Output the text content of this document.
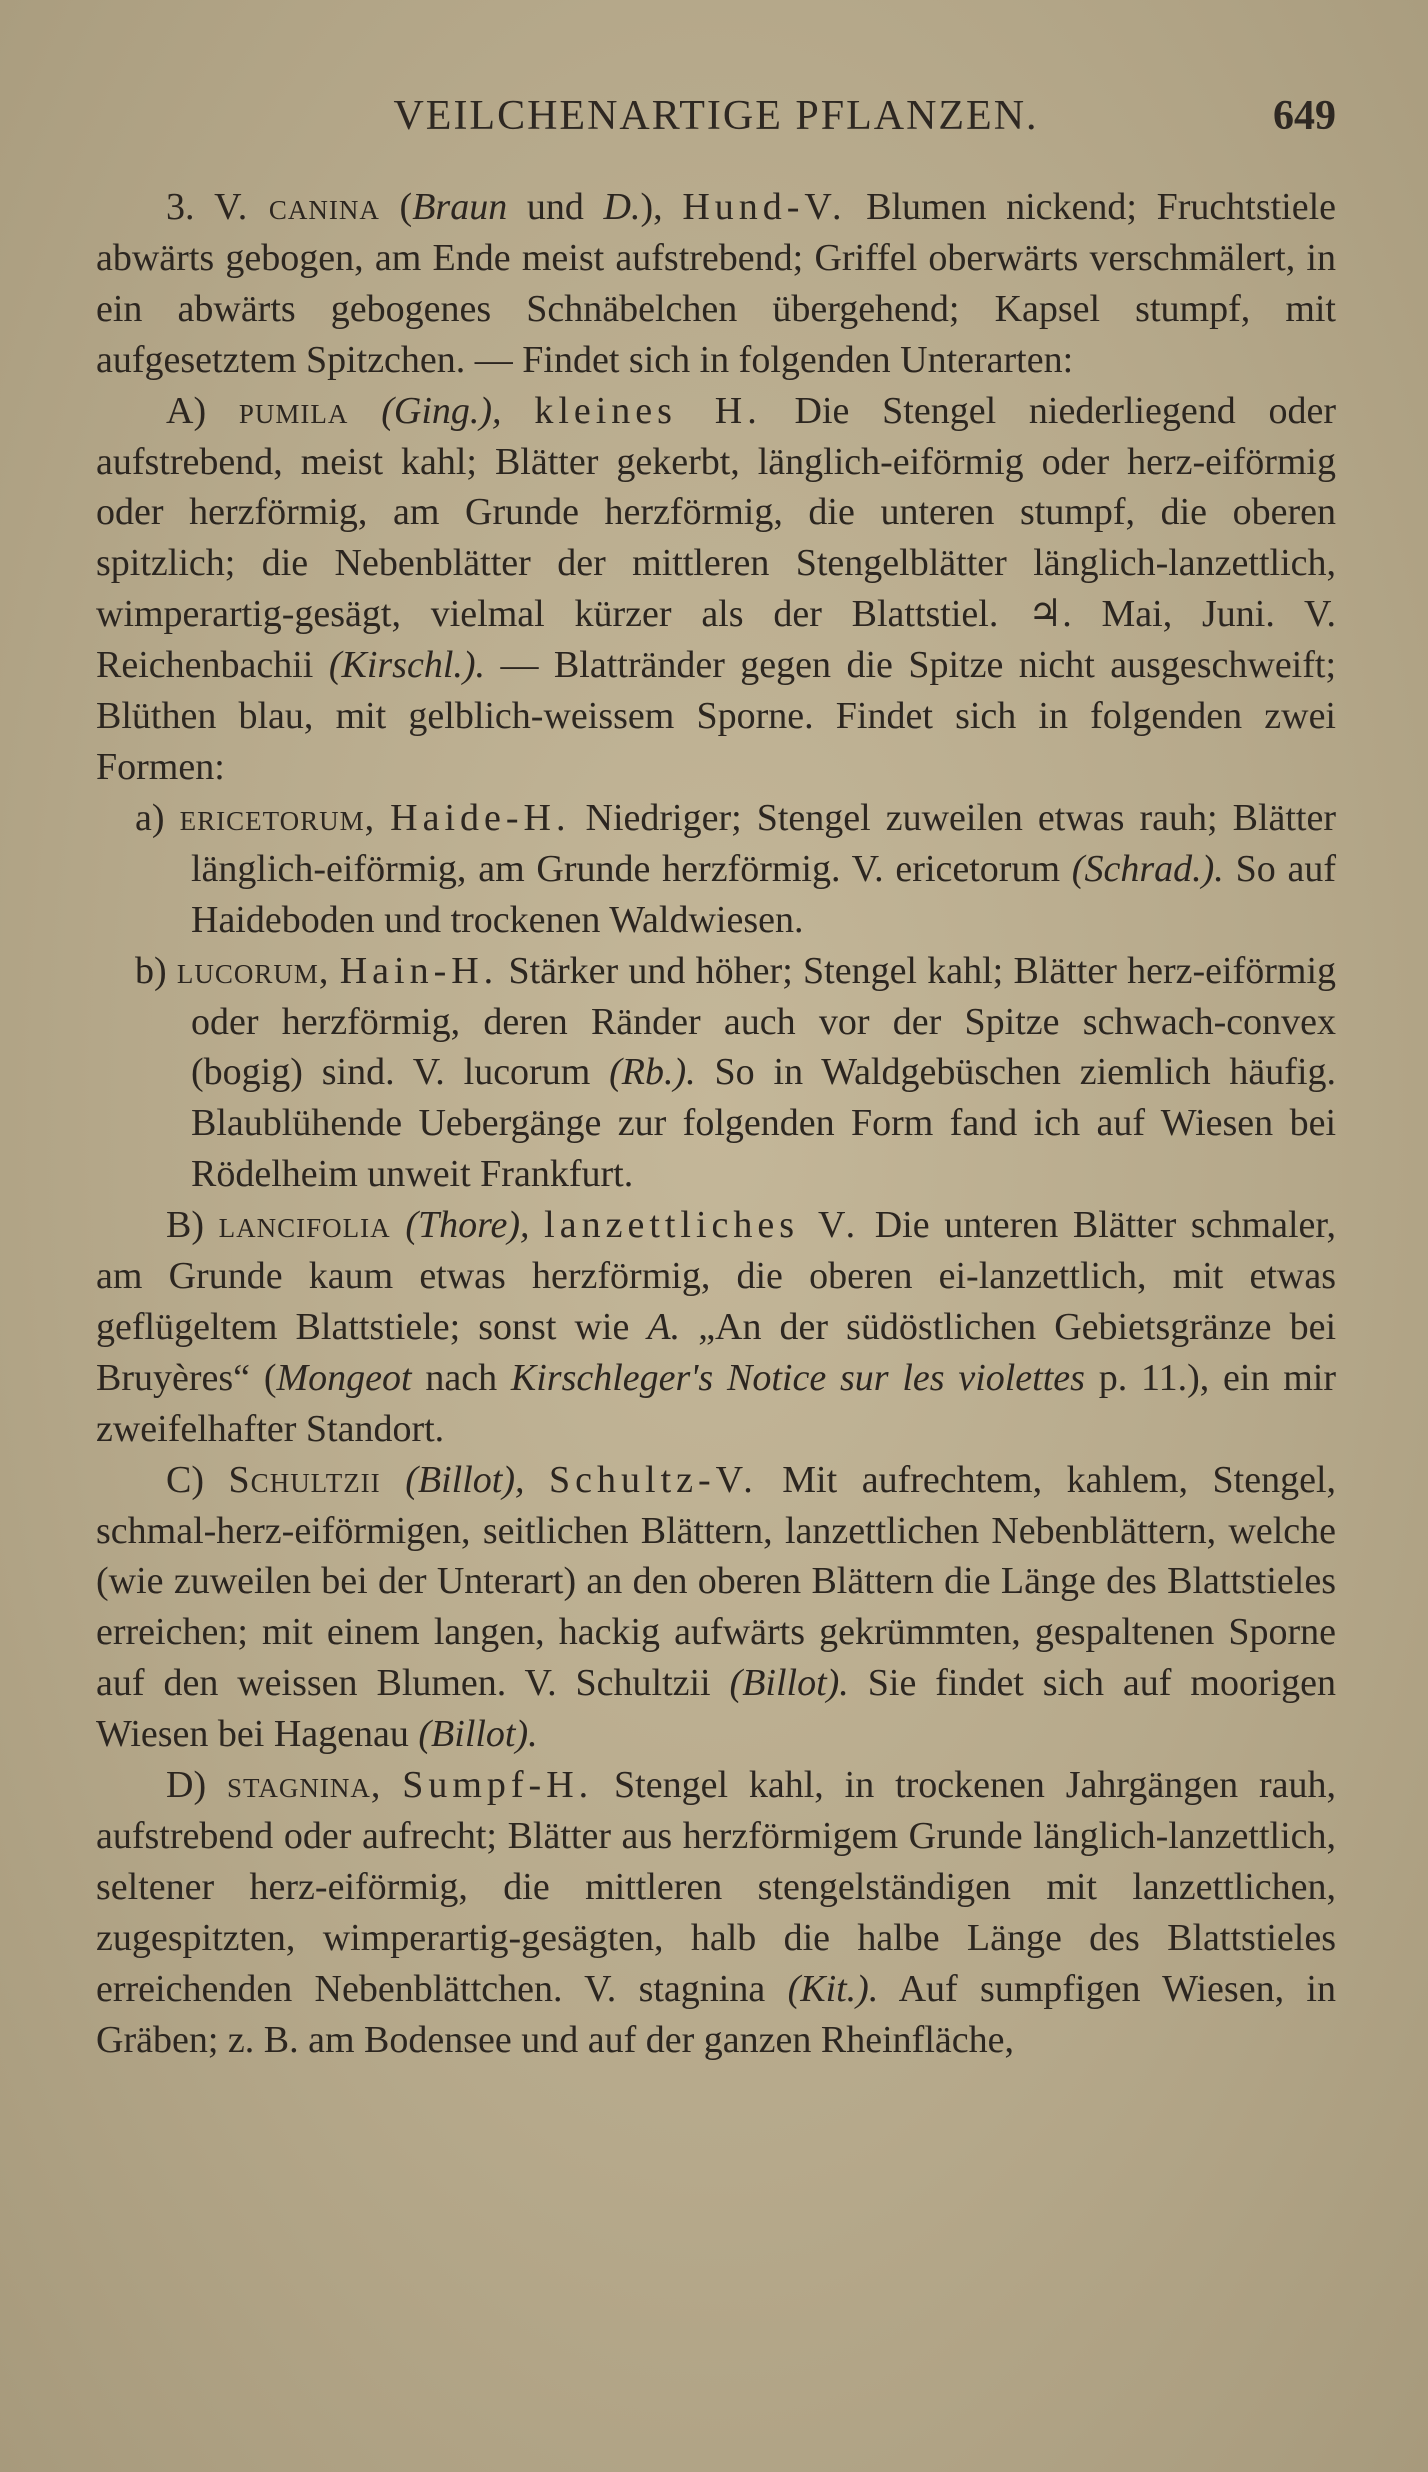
VEILCHENARTIGE PFLANZEN.	649

3. V. canina (Braun und D.), Hund-V. Blumen nickend; Fruchtstiele abwärts gebogen, am Ende meist aufstrebend; Griffel oberwärts verschmälert, in ein abwärts gebogenes Schnäbelchen übergehend; Kapsel stumpf, mit aufgesetztem Spitzchen. — Findet sich in folgenden Unterarten:

A) pumila (Ging.), kleines H. Die Stengel niederliegend oder aufstrebend, meist kahl; Blätter gekerbt, länglich-eiförmig oder herz-eiförmig oder herzförmig, am Grunde herzförmig, die unteren stumpf, die oberen spitzlich; die Nebenblätter der mittleren Stengelblätter länglich-lanzettlich, wimperartig-gesägt, vielmal kürzer als der Blattstiel. ♃. Mai, Juni. V. Reichenbachii (Kirschl.). — Blattränder gegen die Spitze nicht ausgeschweift; Blüthen blau, mit gelblich-weissem Sporne. Findet sich in folgenden zwei Formen:

a) ericetorum, Haide-H. Niedriger; Stengel zuweilen etwas rauh; Blätter länglich-eiförmig, am Grunde herzförmig. V. ericetorum (Schrad.). So auf Haideboden und trockenen Waldwiesen.

b) lucorum, Hain-H. Stärker und höher; Stengel kahl; Blätter herz-eiförmig oder herzförmig, deren Ränder auch vor der Spitze schwach-convex (bogig) sind. V. lucorum (Rb.). So in Waldgebüschen ziemlich häufig. Blaublühende Uebergänge zur folgenden Form fand ich auf Wiesen bei Rödelheim unweit Frankfurt.

B) lancifolia (Thore), lanzettliches V. Die unteren Blätter schmaler, am Grunde kaum etwas herzförmig, die oberen ei-lanzettlich, mit etwas geflügeltem Blattstiele; sonst wie A. „An der südöstlichen Gebietsgränze bei Bruyères“ (Mongeot nach Kirschleger's Notice sur les violettes p. 11.), ein mir zweifelhafter Standort.

C) Schultzii (Billot), Schultz-V. Mit aufrechtem, kahlem, Stengel, schmal-herz-eiförmigen, seitlichen Blättern, lanzettlichen Nebenblättern, welche (wie zuweilen bei der Unterart) an den oberen Blättern die Länge des Blattstieles erreichen; mit einem langen, hackig aufwärts gekrümmten, gespaltenen Sporne auf den weissen Blumen. V. Schultzii (Billot). Sie findet sich auf moorigen Wiesen bei Hagenau (Billot).

D) stagnina, Sumpf-H. Stengel kahl, in trockenen Jahrgängen rauh, aufstrebend oder aufrecht; Blätter aus herzförmigem Grunde länglich-lanzettlich, seltener herz-eiförmig, die mittleren stengelständigen mit lanzettlichen, zugespitzten, wimperartig-gesägten, halb die halbe Länge des Blattstieles erreichenden Nebenblättchen. V. stagnina (Kit.). Auf sumpfigen Wiesen, in Gräben; z. B. am Bodensee und auf der ganzen Rheinfläche,
